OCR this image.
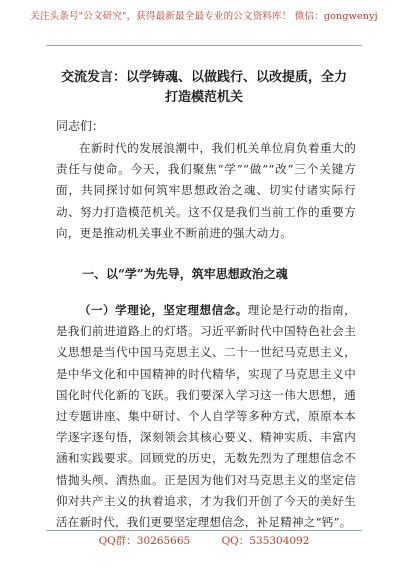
关注头条号"公文研究"，获得最新最全最专业的公文资料库！ 微信：gongwenyj
交流发言：以学铸魂、以做践行、以改提质，全力打造模范机关
同志们：
在新时代的发展浪潮中，我们机关单位肩负着重大的责任与使命。今天，我们聚焦“学”“做”“改”三个关键方面，共同探讨如何筑牢思想政治之魂、切实付诸实际行动、努力打造模范机关。这不仅是我们当前工作的重要方向，更是推动机关事业不断前进的强大动力。
一、以“学”为先导，筑牢思想政治之魂
（一）学理论，坚定理想信念。理论是行动的指南，是我们前进道路上的灯塔。习近平新时代中国特色社会主义思想是当代中国马克思主义、二十一世纪马克思主义，是中华文化和中国精神的时代精华，实现了马克思主义中国化时代化新的飞跃。我们要深入学习这一伟大思想，通过专题讲座、集中研讨、个人自学等多种方式，原原本本学逐字逐句悟，深刻领会其核心要义、精神实质、丰富内涵和实践要求。回顾党的历史，无数先烈为了理想信念不惜抛头颅、洒热血。正是因为他们对马克思主义的坚定信仰对共产主义的执着追求，才为我们开创了今天的美好生活在新时代，我们更要坚定理想信念，补足精神之“钙”。
QQ群：30265665	QQ：535304092
